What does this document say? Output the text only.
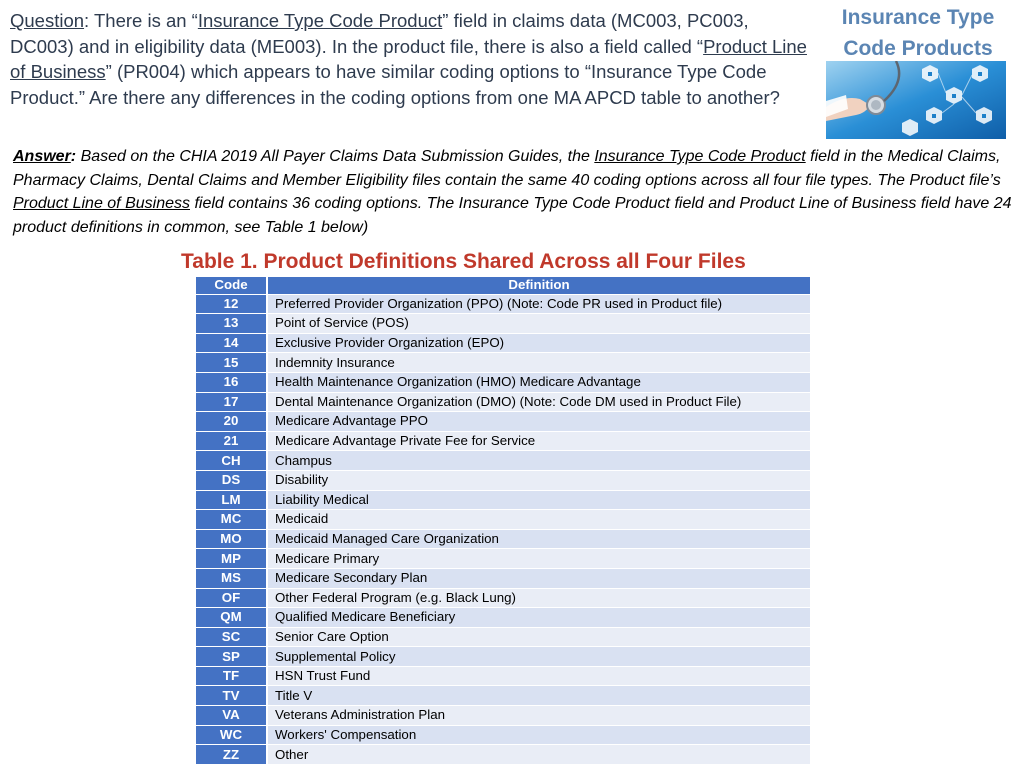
Question: There is an “Insurance Type Code Product” field in claims data (MC003, PC003, DC003) and in eligibility data (ME003). In the product file, there is also a field called “Product Line of Business” (PR004) which appears to have similar coding options to “Insurance Type Code Product.” Are there any differences in the coding options from one MA APCD table to another?
Insurance Type
Code Products
Answer: Based on the CHIA 2019 All Payer Claims Data Submission Guides, the Insurance Type Code Product field in the Medical Claims, Pharmacy Claims, Dental Claims and Member Eligibility files contain the same 40 coding options across all four file types. The Product file’s Product Line of Business field contains 36 coding options. The Insurance Type Code Product field and Product Line of Business field have 24 product definitions in common, see Table 1 below)
Table 1. Product Definitions Shared Across all Four Files
Code	Definition
12	Preferred Provider Organization (PPO) (Note: Code PR used in Product file)
13	Point of Service (POS)
14	Exclusive Provider Organization (EPO)
15	Indemnity Insurance
16	Health Maintenance Organization (HMO) Medicare Advantage
17	Dental Maintenance Organization (DMO) (Note: Code DM used in Product File)
20	Medicare Advantage PPO
21	Medicare Advantage Private Fee for Service
CH	Champus
DS	Disability
LM	Liability Medical
MC	Medicaid
MO	Medicaid Managed Care Organization
MP	Medicare Primary
MS	Medicare Secondary Plan
OF	Other Federal Program (e.g. Black Lung)
QM	Qualified Medicare Beneficiary
SC	Senior Care Option
SP	Supplemental Policy
TF	HSN Trust Fund
TV	Title V
VA	Veterans Administration Plan
WC	Workers' Compensation
ZZ	Other
